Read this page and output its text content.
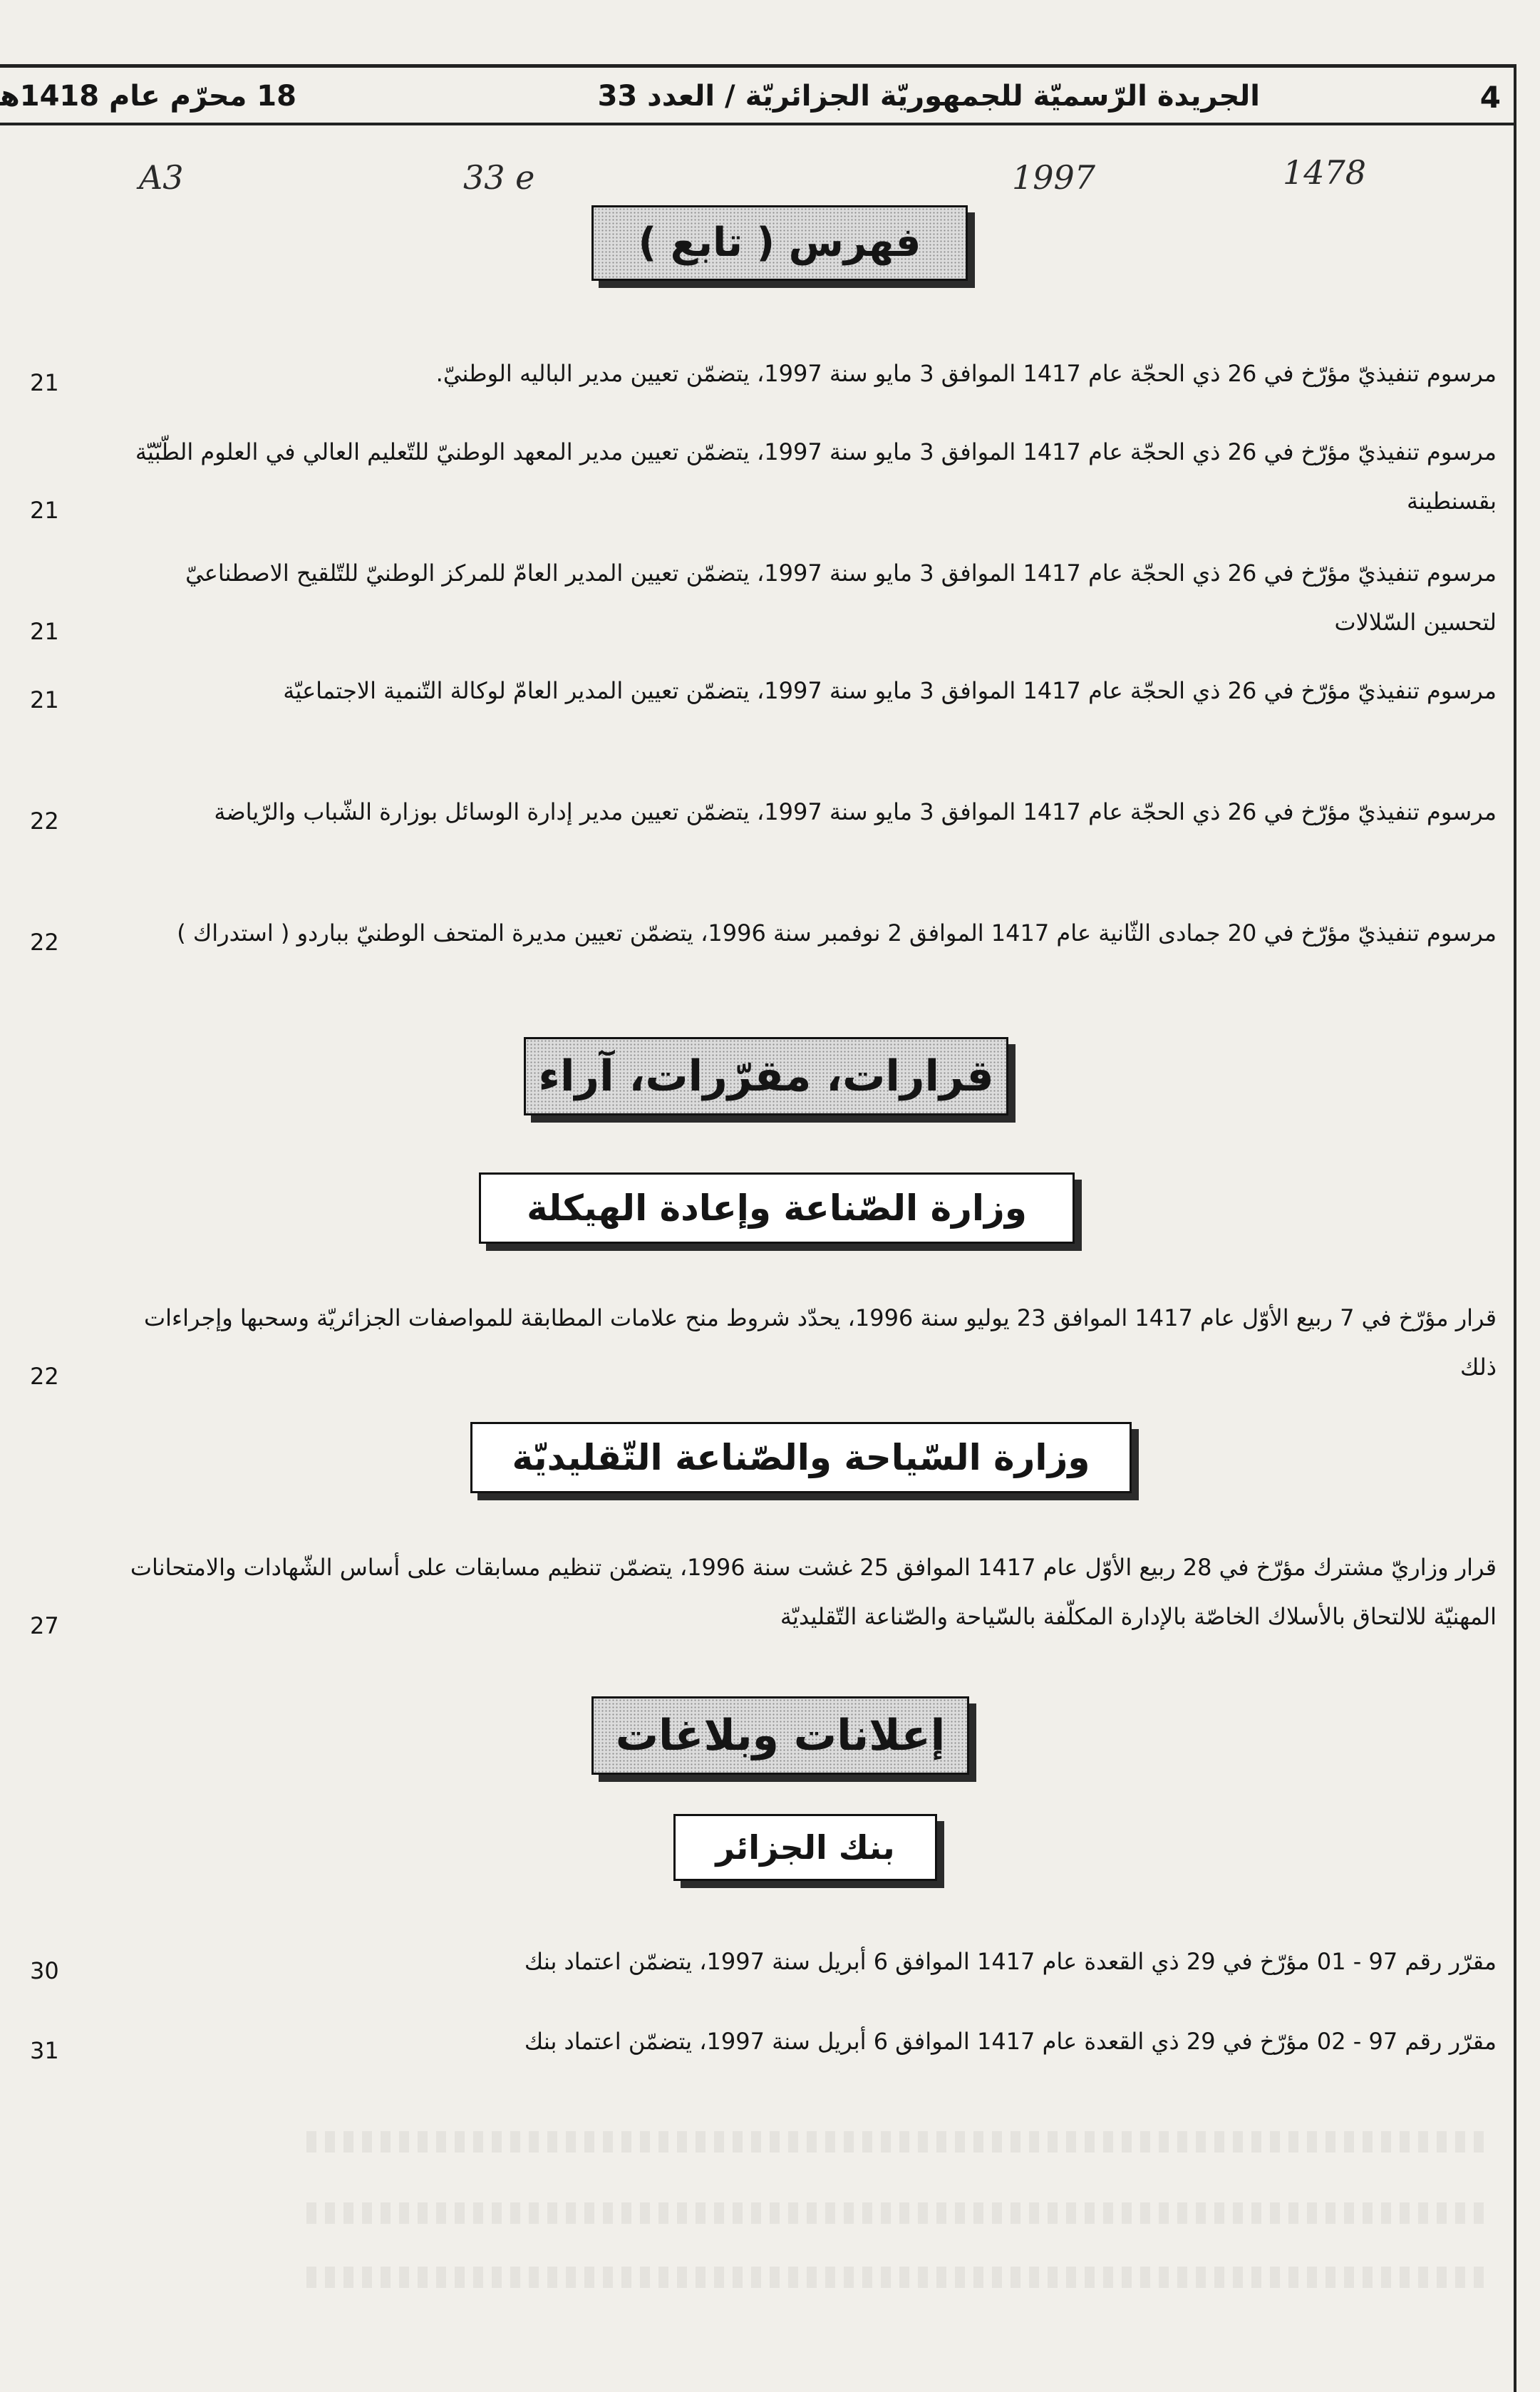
4
الجريدة الرّسميّة للجمهوريّة الجزائريّة / العدد 33
18 محرّم عام 1418ﻫ
A3	33 e	1997	1478
فهرس ( تابع )
مرسوم تنفيذيّ مؤرّخ في 26 ذي الحجّة عام 1417 الموافق 3 مايو سنة 1997، يتضمّن تعيين مدير الباليه الوطنيّ.
21
مرسوم تنفيذيّ مؤرّخ في 26 ذي الحجّة عام 1417 الموافق 3 مايو سنة 1997، يتضمّن تعيين مدير المعهد الوطنيّ للتّعليم العالي في العلوم الطّبّيّة بقسنطينة
21
مرسوم تنفيذيّ مؤرّخ في 26 ذي الحجّة عام 1417 الموافق 3 مايو سنة 1997، يتضمّن تعيين المدير العامّ للمركز الوطنيّ للتّلقيح الاصطناعيّ لتحسين السّلالات
21
مرسوم تنفيذيّ مؤرّخ في 26 ذي الحجّة عام 1417 الموافق 3 مايو سنة 1997، يتضمّن تعيين المدير العامّ لوكالة التّنمية الاجتماعيّة
21
مرسوم تنفيذيّ مؤرّخ في 26 ذي الحجّة عام 1417 الموافق 3 مايو سنة 1997، يتضمّن تعيين مدير إدارة الوسائل بوزارة الشّباب والرّياضة
22
مرسوم تنفيذيّ مؤرّخ في 20 جمادى الثّانية عام 1417 الموافق 2 نوفمبر سنة 1996، يتضمّن تعيين مديرة المتحف الوطنيّ بباردو ( استدراك )
22
قرارات، مقرّرات، آراء
وزارة الصّناعة وإعادة الهيكلة
قرار مؤرّخ في 7 ربيع الأوّل عام 1417 الموافق 23 يوليو سنة 1996، يحدّد شروط منح علامات المطابقة للمواصفات الجزائريّة وسحبها وإجراءات ذلك
22
وزارة السّياحة والصّناعة التّقليديّة
قرار وزاريّ مشترك مؤرّخ في 28 ربيع الأوّل عام 1417 الموافق 25 غشت سنة 1996، يتضمّن تنظيم مسابقات على أساس الشّهادات والامتحانات المهنيّة للالتحاق بالأسلاك الخاصّة بالإدارة المكلّفة بالسّياحة والصّناعة التّقليديّة
27
إعلانات وبلاغات
بنك الجزائر
مقرّر رقم 97 - 01 مؤرّخ في 29 ذي القعدة عام 1417 الموافق 6 أبريل سنة 1997، يتضمّن اعتماد بنك
30
مقرّر رقم 97 - 02 مؤرّخ في 29 ذي القعدة عام 1417 الموافق 6 أبريل سنة 1997، يتضمّن اعتماد بنك
31
